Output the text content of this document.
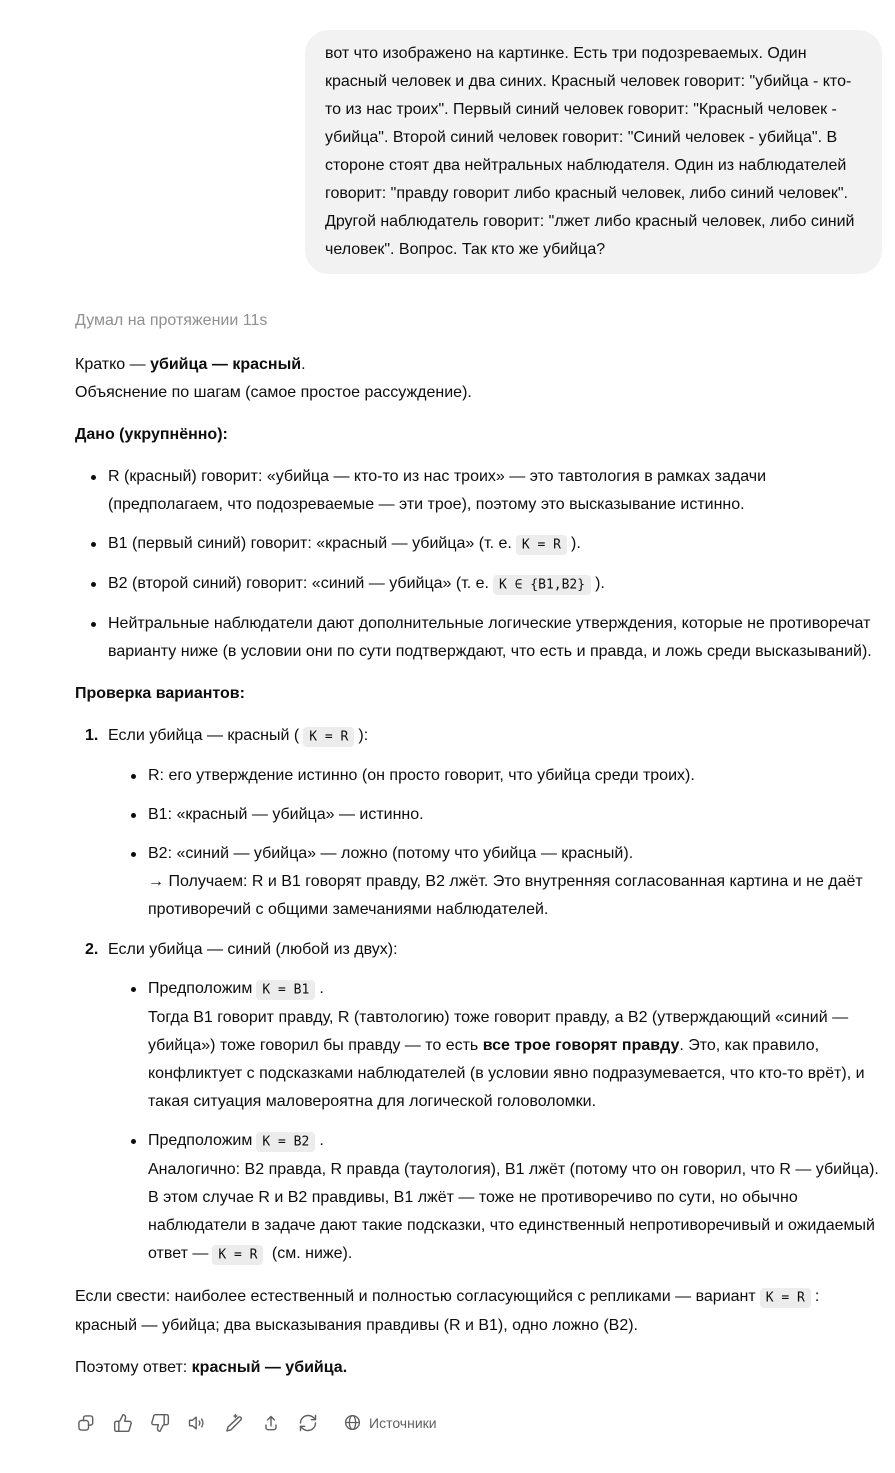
вот что изображено на картинке. Есть три подозреваемых. Один красный человек и два синих. Красный человек говорит: "убийца - кто-то из нас троих". Первый синий человек говорит: "Красный человек - убийца". Второй синий человек говорит: "Синий человек - убийца". В стороне стоят два нейтральных наблюдателя. Один из наблюдателей говорит: "правду говорит либо красный человек, либо синий человек". Другой наблюдатель говорит: "лжет либо красный человек, либо синий человек". Вопрос. Так кто же убийца?
Думал на протяжении 11s

Кратко — убийца — красный.
Объяснение по шагам (самое простое рассуждение).

Дано (укрупнённо):

R (красный) говорит: «убийца — кто-то из нас троих» — это тавтология в рамках задачи (предполагаем, что подозреваемые — эти трое), поэтому это высказывание истинно.
B1 (первый синий) говорит: «красный — убийца» (т. е. K = R ).
B2 (второй синий) говорит: «синий — убийца» (т. е. K ∈ {B1,B2} ).
Нейтральные наблюдатели дают дополнительные логические утверждения, которые не противоречат варианту ниже (в условии они по сути подтверждают, что есть и правда, и ложь среди высказываний).

Проверка вариантов:

Если убийца — красный ( K = R ):
R: его утверждение истинно (он просто говорит, что убийца среди троих).
B1: «красный — убийца» — истинно.
B2: «синий — убийца» — ложно (потому что убийца — красный).
→ Получаем: R и B1 говорят правду, B2 лжёт. Это внутренняя согласованная картина и не даёт противоречий с общими замечаниями наблюдателей.
Если убийца — синий (любой из двух):
Предположим K = B1 .
Тогда B1 говорит правду, R (тавтологию) тоже говорит правду, а B2 (утверждающий «синий — убийца») тоже говорил бы правду — то есть все трое говорят правду. Это, как правило, конфликтует с подсказками наблюдателей (в условии явно подразумевается, что кто-то врёт), и такая ситуация маловероятна для логической головоломки.
Предположим K = B2 .
Аналогично: B2 правда, R правда (таутология), B1 лжёт (потому что он говорил, что R — убийца). В этом случае R и B2 правдивы, B1 лжёт — тоже не противоречиво по сути, но обычно наблюдатели в задаче дают такие подсказки, что единственный непротиворечивый и ожидаемый ответ — K = R (см. ниже).

Если свести: наиболее естественный и полностью согласующийся с репликами — вариант K = R :
красный — убийца; два высказывания правдивы (R и B1), одно ложно (B2).

Поэтому ответ: красный — убийца.

Источники
